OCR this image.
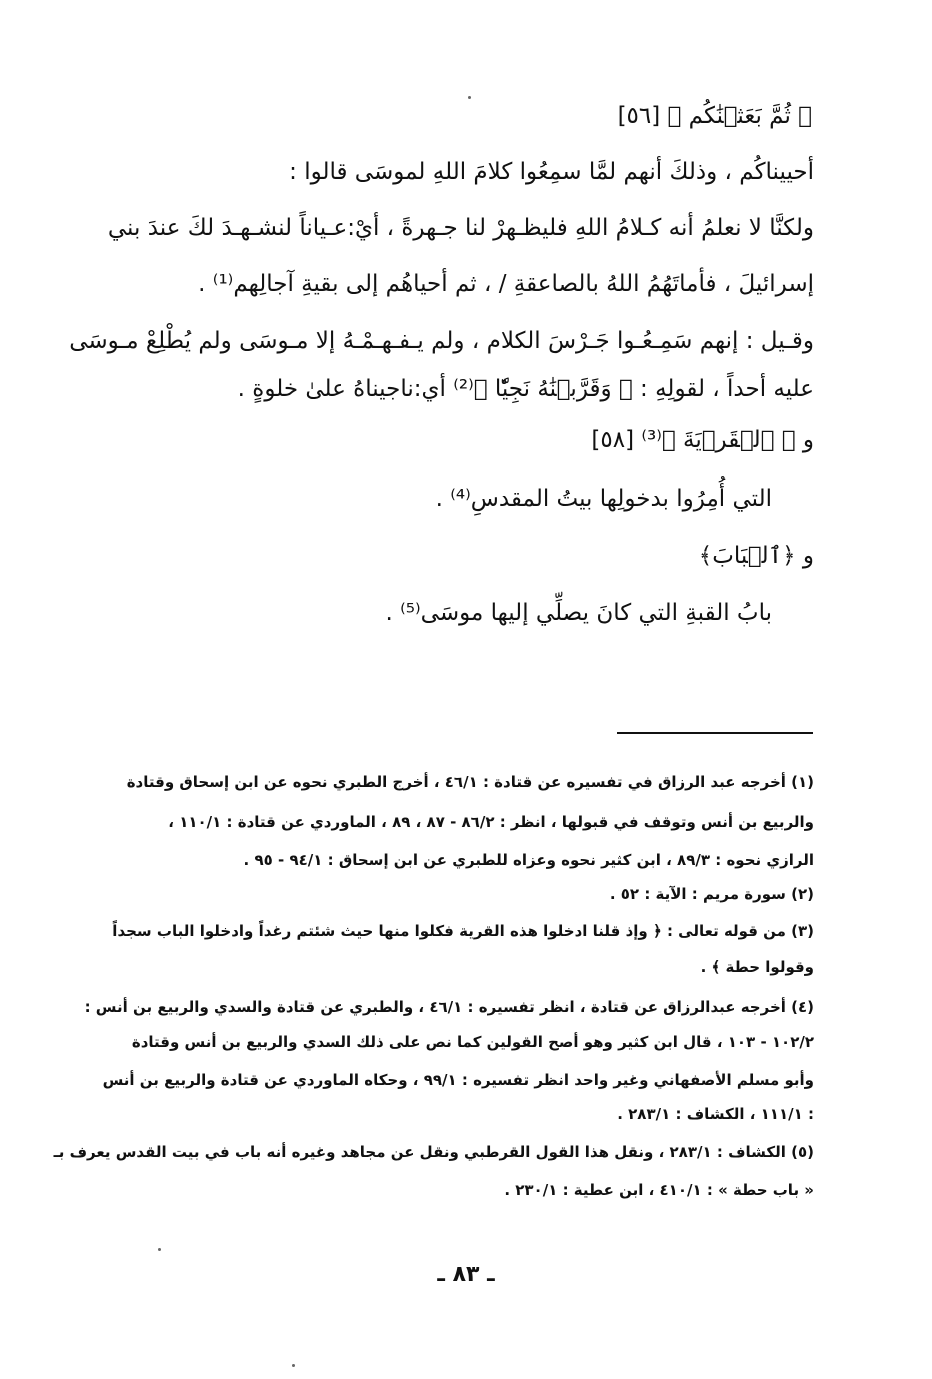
﴿ ثُمَّ بَعَثۡنَٰكُم ﴾ [٥٦]
أحييناكُم ، وذلكَ أنهم لمَّا سمِعُوا كلامَ اللهِ لموسَى قالوا :
ولكنَّا لا نعلمُ أنه كـلامُ اللهِ فليظـهرْ لنا جـهرةً ، أيْ:عـياناً لنشـهـدَ لكَ عندَ بني
إسرائيلَ ، فأماتَهُمُ اللهُ بالصاعقةِ / ، ثم أحياهُم إلى بقيةِ آجالِهم⁽¹⁾ .
وقـيل : إنهم سَمِـعُـوا جَـرْسَ الكلام ، ولم يـفـهـمْـهُ إلا مـوسَى ولم يُطْلِعْ مـوسَى
عليه أحداً ، لقولِهِ : ﴿ وَقَرَّبۡنَٰهُ نَجِيّٗا ﴾⁽²⁾ أي:ناجيناهُ علىٰ خلوةٍ .
و ﴿ ٱلۡقَرۡيَةَ ﴾⁽³⁾ [٥٨]
التي أُمِرُوا بدخولِها بيتُ المقدسِ⁽⁴⁾ .
و ﴿ٱلۡبَابَ﴾
بابُ القبةِ التي كانَ يصلِّي إليها موسَى⁽⁵⁾ .
(١) أخرجه عبد الرزاق في تفسيره عن قتادة : ٤٦/١ ، أخرج الطبري نحوه عن ابن إسحاق وقتادة
والربيع بن أنس وتوقف في قبولها ، انظر : ٨٦/٢ - ٨٧ ، ٨٩ ، الماوردي عن قتادة : ١١٠/١ ،
الرازي نحوه : ٨٩/٣ ، ابن كثير نحوه وعزاه للطبري عن ابن إسحاق : ٩٤/١ - ٩٥ .
(٢) سورة مريم : الآية : ٥٢ .
(٣) من قوله تعالى : ﴿ وإذ قلنا ادخلوا هذه القرية فكلوا منها حيث شئتم رغداً وادخلوا الباب سجداً
وقولوا حطة ﴾ .
(٤) أخرجه عبدالرزاق عن قتادة ، انظر تفسيره : ٤٦/١ ، والطبري عن قتادة والسدي والربيع بن أنس :
١٠٢/٢ - ١٠٣ ، قال ابن كثير وهو أصح القولين كما نص على ذلك السدي والربيع بن أنس وقتادة
وأبو مسلم الأصفهاني وغير واحد انظر تفسيره : ٩٩/١ ، وحكاه الماوردي عن قتادة والربيع بن أنس
: ١١١/١ ، الكشاف : ٢٨٣/١ .
(٥) الكشاف : ٢٨٣/١ ، ونقل هذا القول القرطبي ونقل عن مجاهد وغيره أنه باب في بيت القدس يعرف بـ
« باب حطة » : ٤١٠/١ ، ابن عطية : ٢٣٠/١ .
ـ ٨٣ ـ
